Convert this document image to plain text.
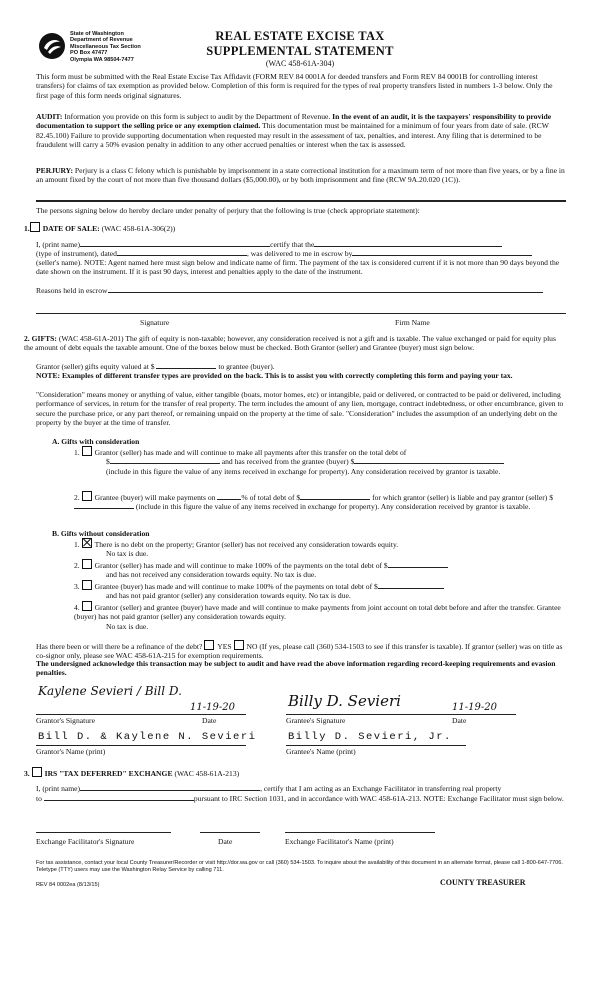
State of Washington
Department of Revenue
Miscellaneous Tax Section
PO Box 47477
Olympia WA 98504-7477
REAL ESTATE EXCISE TAX
SUPPLEMENTAL STATEMENT
(WAC 458-61A-304)
This form must be submitted with the Real Estate Excise Tax Affidavit (FORM REV 84 0001A for deeded transfers and Form REV 84 0001B for controlling interest transfers) for claims of tax exemption as provided below. Completion of this form is required for the types of real property transfers listed in numbers 1-3 below. Only the first page of this form needs original signatures.
AUDIT: Information you provide on this form is subject to audit by the Department of Revenue. In the event of an audit, it is the taxpayers' responsibility to provide documentation to support the selling price or any exemption claimed. This documentation must be maintained for a minimum of four years from date of sale. (RCW 82.45.100) Failure to provide supporting documentation when requested may result in the assessment of tax, penalties, and interest. Any filing that is determined to be fraudulent will carry a 50% evasion penalty in addition to any other accrued penalties or interest when the tax is assessed.
PERJURY: Perjury is a class C felony which is punishable by imprisonment in a state correctional institution for a maximum term of not more than five years, or by a fine in an amount fixed by the court of not more than five thousand dollars ($5,000.00), or by both imprisonment and fine (RCW 9A.20.020 (1C)).
The persons signing below do hereby declare under penalty of perjury that the following is true (check appropriate statement):
1. DATE OF SALE: (WAC 458-61A-306(2))
I, (print name)	certify that the
(type of instrument), dated	, was delivered to me in escrow by
(seller's name). NOTE: Agent named here must sign below and indicate name of firm. The payment of the tax is considered current if it is not more than 90 days beyond the date shown on the instrument. If it is past 90 days, interest and penalties apply to the date of the instrument.
Reasons held in escrow
Signature	Firm Name
2. GIFTS: (WAC 458-61A-201) The gift of equity is non-taxable; however, any consideration received is not a gift and is taxable. The value exchanged or paid for equity plus the amount of debt equals the taxable amount. One of the boxes below must be checked. Both Grantor (seller) and Grantee (buyer) must sign below.
Grantor (seller) gifts equity valued at $	to grantee (buyer).
NOTE: Examples of different transfer types are provided on the back. This is to assist you with correctly completing this form and paying your tax.
"Consideration" means money or anything of value, either tangible (boats, motor homes, etc) or intangible, paid or delivered, or contracted to be paid or delivered, including performance of services, in return for the transfer of real property. The term includes the amount of any lien, mortgage, contract indebtedness, or other encumbrance, given to secure the purchase price, or any part thereof, or remaining unpaid on the property at the time of sale. "Consideration" includes the assumption of an underlying debt on the property by the buyer at the time of transfer.
A. Gifts with consideration
1. Grantor (seller) has made and will continue to make all payments after this transfer on the total debt of
$	and has received from the grantee (buyer) $

(include in this figure the value of any items received in exchange for property). Any consideration received by grantor is taxable.
2. Grantee (buyer) will make payments on	% of total debt of $	for which grantor (seller) is liable and pay grantor (seller) $ (include in this figure the value of any items received in exchange for property). Any consideration received by grantor is taxable.
B. Gifts without consideration
1. There is no debt on the property; Grantor (seller) has not received any consideration towards equity.
No tax is due.
2. Grantor (seller) has made and will continue to make 100% of the payments on the total debt of $
and has not received any consideration towards equity. No tax is due.
3. Grantee (buyer) has made and will continue to make 100% of the payments on total debt of $
and has not paid grantor (seller) any consideration towards equity. No tax is due.
4. Grantor (seller) and grantee (buyer) have made and will continue to make payments from joint account on total debt before and after the transfer. Grantee (buyer) has not paid grantor (seller) any consideration towards equity.
No tax is due.
Has there been or will there be a refinance of the debt? YES NO (If yes, please call (360) 534-1503 to see if this transfer is taxable). If grantor (seller) was on title as co-signor only, please see WAC 458-61A-215 for exemption requirements.
The undersigned acknowledge this transaction may be subject to audit and have read the above information regarding record-keeping requirements and evasion penalties.
Kaylene Sevieri / Bill D.
11-19-20
Grantor's Signature	Date
Billy D. Sevieri	11-19-20
Grantee's Signature	Date
Bill D. & Kaylene N. Sevieri
Grantor's Name (print)
Billy D. Sevieri, Jr.
Grantee's Name (print)
3. IRS "TAX DEFERRED" EXCHANGE (WAC 458-61A-213)
I, (print name)	, certify that I am acting as an Exchange Facilitator in transferring real property
to	pursuant to IRC Section 1031, and in accordance with WAC 458-61A-213. NOTE: Exchange Facilitator must sign below.
Exchange Facilitator's Signature	Date	Exchange Facilitator's Name (print)
For tax assistance, contact your local County Treasurer/Recorder or visit http://dor.wa.gov or call (360) 534-1503. To inquire about the availability of this document in an alternate format, please call 1-800-647-7706. Teletype (TTY) users may use the Washington Relay Service by calling 711.
REV 84 0002ea (8/13/15)	COUNTY TREASURER
